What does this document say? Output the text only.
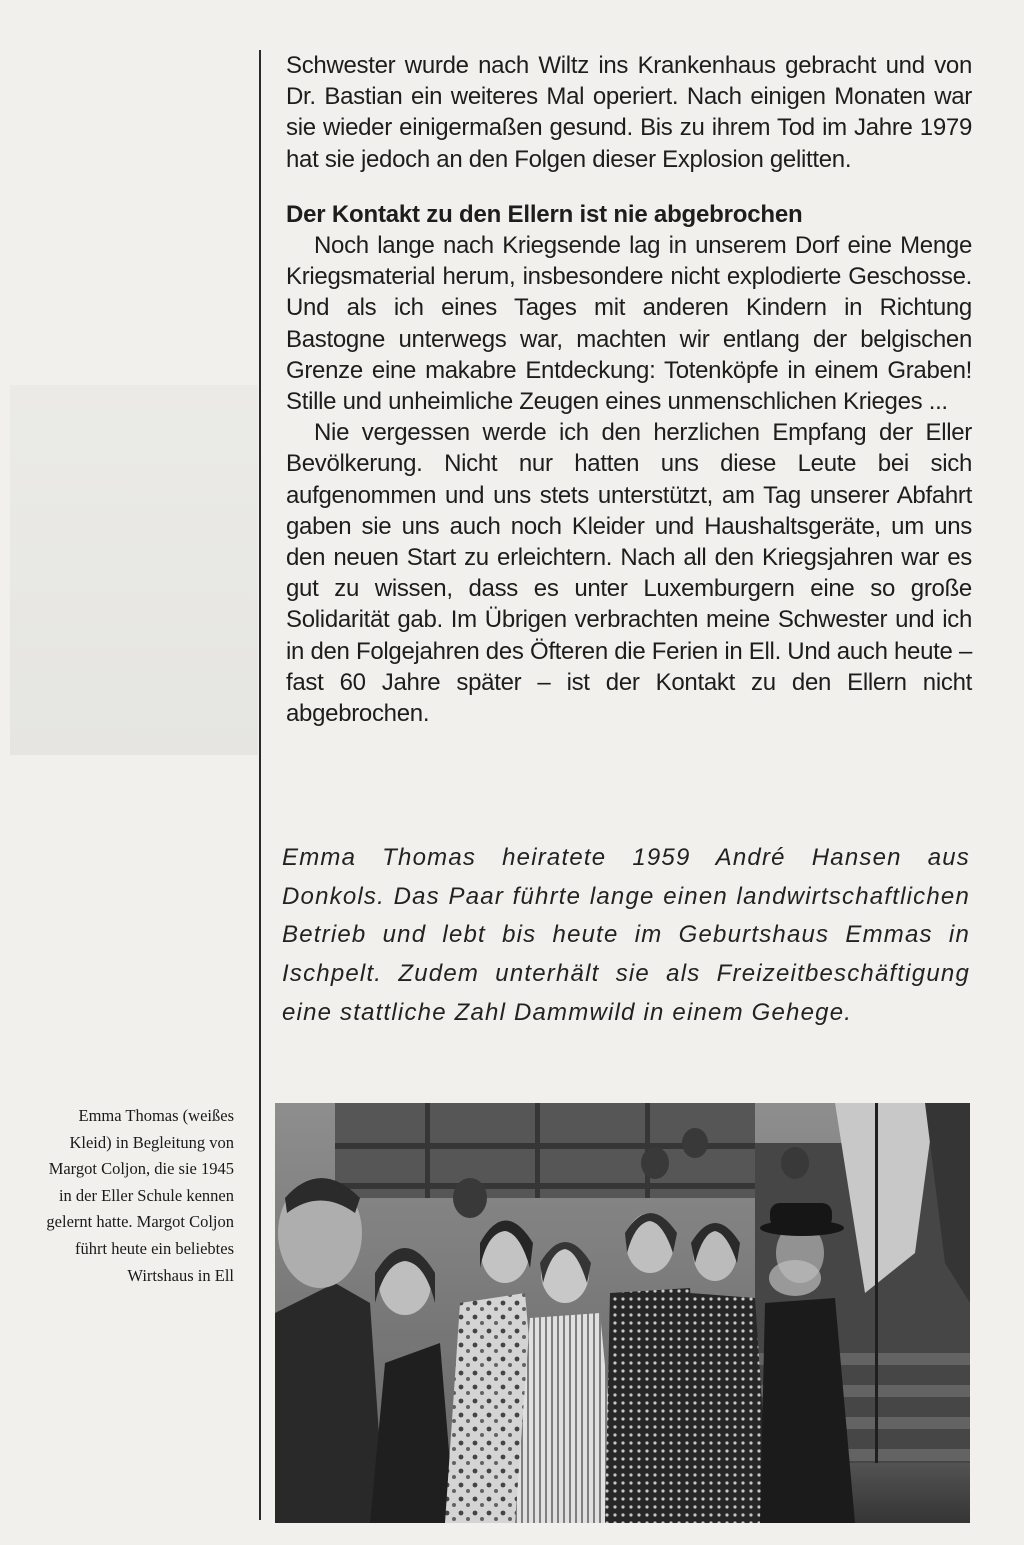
Schwester wurde nach Wiltz ins Krankenhaus gebracht und von Dr. Bastian ein weiteres Mal operiert. Nach einigen Monaten war sie wieder einigermaßen gesund. Bis zu ihrem Tod im Jahre 1979 hat sie jedoch an den Folgen dieser Explosion gelitten.

Der Kontakt zu den Ellern ist nie abgebrochen

Noch lange nach Kriegsende lag in unserem Dorf eine Menge Kriegsmaterial herum, insbesondere nicht explodierte Geschosse. Und als ich eines Tages mit anderen Kindern in Richtung Bastogne unterwegs war, machten wir entlang der belgischen Grenze eine makabre Entdeckung: Totenköpfe in einem Graben! Stille und unheimliche Zeugen eines unmenschlichen Krieges ...

Nie vergessen werde ich den herzlichen Empfang der Eller Bevölkerung. Nicht nur hatten uns diese Leute bei sich aufgenommen und uns stets unterstützt, am Tag unserer Abfahrt gaben sie uns auch noch Kleider und Haushaltsgeräte, um uns den neuen Start zu erleichtern. Nach all den Kriegsjahren war es gut zu wissen, dass es unter Luxemburgern eine so große Solidarität gab. Im Übrigen verbrachten meine Schwester und ich in den Folgejahren des Öfteren die Ferien in Ell. Und auch heute – fast 60 Jahre später – ist der Kontakt zu den Ellern nicht abgebrochen.

Emma Thomas heiratete 1959 André Hansen aus Donkols. Das Paar führte lange einen landwirtschaftlichen Betrieb und lebt bis heute im Geburtshaus Emmas in Ischpelt. Zudem unterhält sie als Freizeitbeschäftigung eine stattliche Zahl Dammwild in einem Gehege.
Emma Thomas (weißes
Kleid) in Begleitung von
Margot Coljon, die sie 1945
in der Eller Schule kennen
gelernt hatte. Margot Coljon
führt heute ein beliebtes
Wirtshaus in Ell
